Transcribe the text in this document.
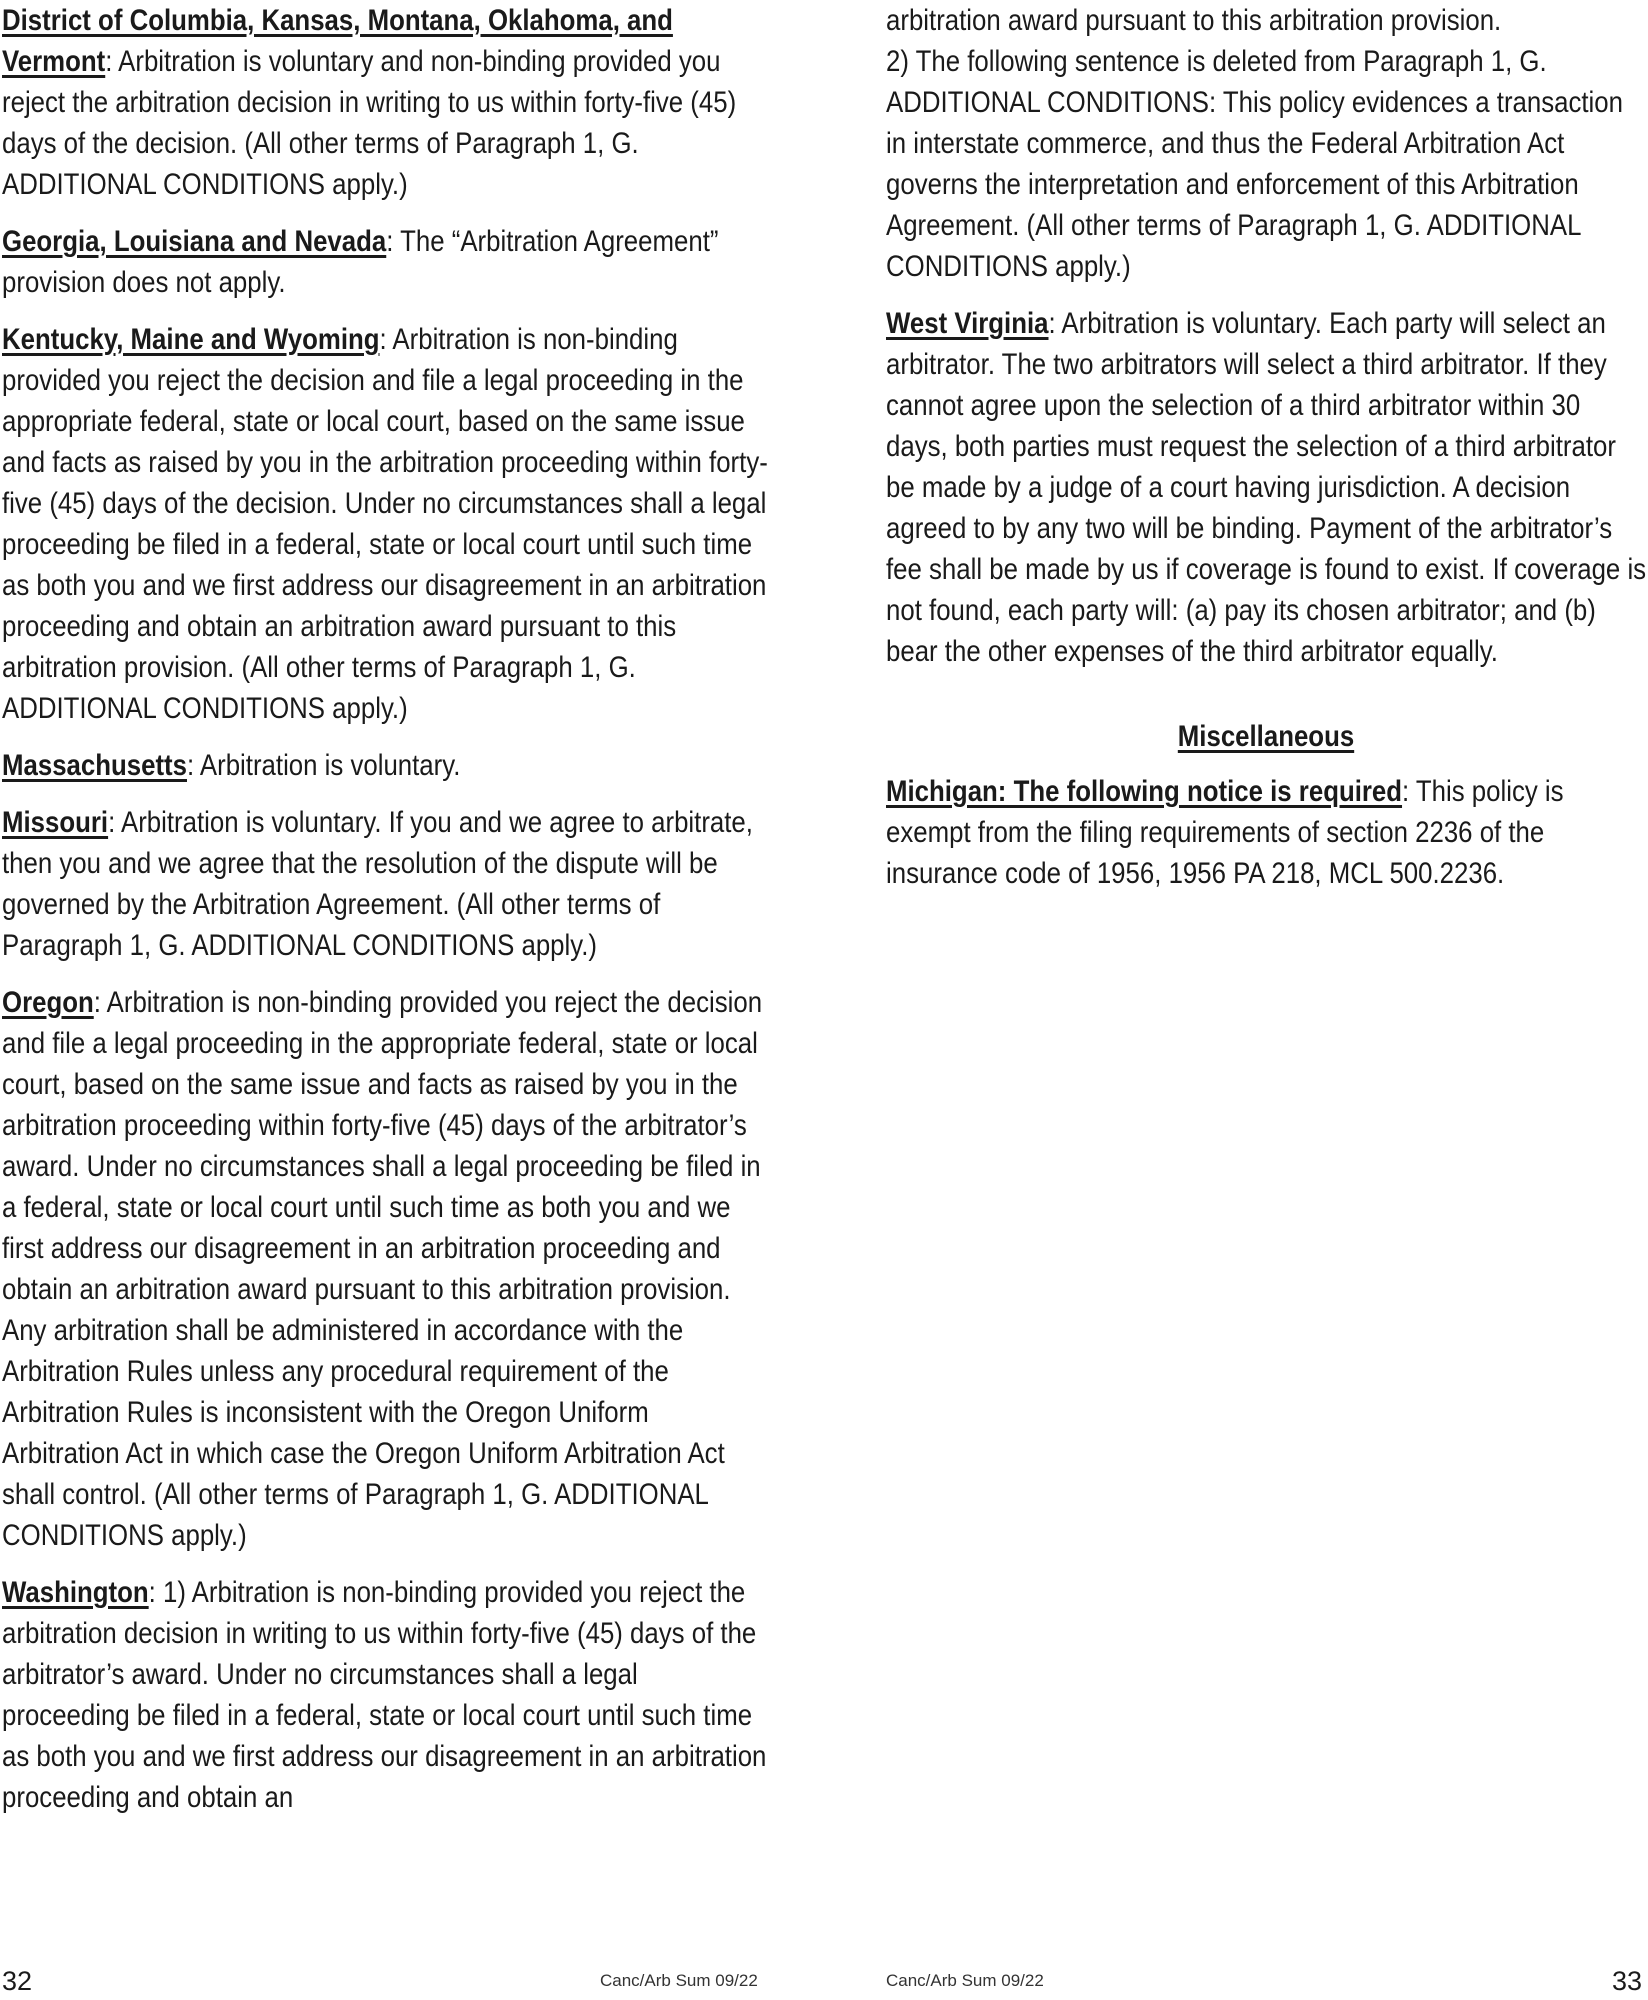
District of Columbia, Kansas, Montana, Oklahoma, and Vermont: Arbitration is voluntary and non-binding provided you reject the arbitration decision in writing to us within forty-five (45) days of the decision. (All other terms of Paragraph 1, G. ADDITIONAL CONDITIONS apply.)

Georgia, Louisiana and Nevada: The “Arbitration Agreement” provision does not apply.

Kentucky, Maine and Wyoming: Arbitration is non-binding provided you reject the decision and file a legal proceeding in the appropriate federal, state or local court, based on the same issue and facts as raised by you in the arbitration proceeding within forty-five (45) days of the decision. Under no circumstances shall a legal proceeding be filed in a federal, state or local court until such time as both you and we first address our disagreement in an arbitration proceeding and obtain an arbitration award pursuant to this arbitration provision. (All other terms of Paragraph 1, G. ADDITIONAL CONDITIONS apply.)

Massachusetts: Arbitration is voluntary.

Missouri: Arbitration is voluntary. If you and we agree to arbitrate, then you and we agree that the resolution of the dispute will be governed by the Arbitration Agreement. (All other terms of Paragraph 1, G. ADDITIONAL CONDITIONS apply.)

Oregon: Arbitration is non-binding provided you reject the decision and file a legal proceeding in the appropriate federal, state or local court, based on the same issue and facts as raised by you in the arbitration proceeding within forty-five (45) days of the arbitrator’s award. Under no circumstances shall a legal proceeding be filed in a federal, state or local court until such time as both you and we first address our disagreement in an arbitration proceeding and obtain an arbitration award pursuant to this arbitration provision. Any arbitration shall be administered in accordance with the Arbitration Rules unless any procedural requirement of the Arbitration Rules is inconsistent with the Oregon Uniform Arbitration Act in which case the Oregon Uniform Arbitration Act shall control. (All other terms of Paragraph 1, G. ADDITIONAL CONDITIONS apply.)

Washington: 1) Arbitration is non-binding provided you reject the arbitration decision in writing to us within forty-five (45) days of the arbitrator’s award. Under no circumstances shall a legal proceeding be filed in a federal, state or local court until such time as both you and we first address our disagreement in an arbitration proceeding and obtain an

arbitration award pursuant to this arbitration provision.

2) The following sentence is deleted from Paragraph 1, G. ADDITIONAL CONDITIONS: This policy evidences a transaction in interstate commerce, and thus the Federal Arbitration Act governs the interpretation and enforcement of this Arbitration Agreement. (All other terms of Paragraph 1, G. ADDITIONAL CONDITIONS apply.)

West Virginia: Arbitration is voluntary. Each party will select an arbitrator. The two arbitrators will select a third arbitrator. If they cannot agree upon the selection of a third arbitrator within 30 days, both parties must request the selection of a third arbitrator be made by a judge of a court having jurisdiction. A decision agreed to by any two will be binding. Payment of the arbitrator’s fee shall be made by us if coverage is found to exist. If coverage is not found, each party will: (a) pay its chosen arbitrator; and (b) bear the other expenses of the third arbitrator equally.

Miscellaneous

Michigan: The following notice is required: This policy is exempt from the filing requirements of section 2236 of the insurance code of 1956, 1956 PA 218, MCL 500.2236.

32	Canc/Arb Sum 09/22	Canc/Arb Sum 09/22	33
